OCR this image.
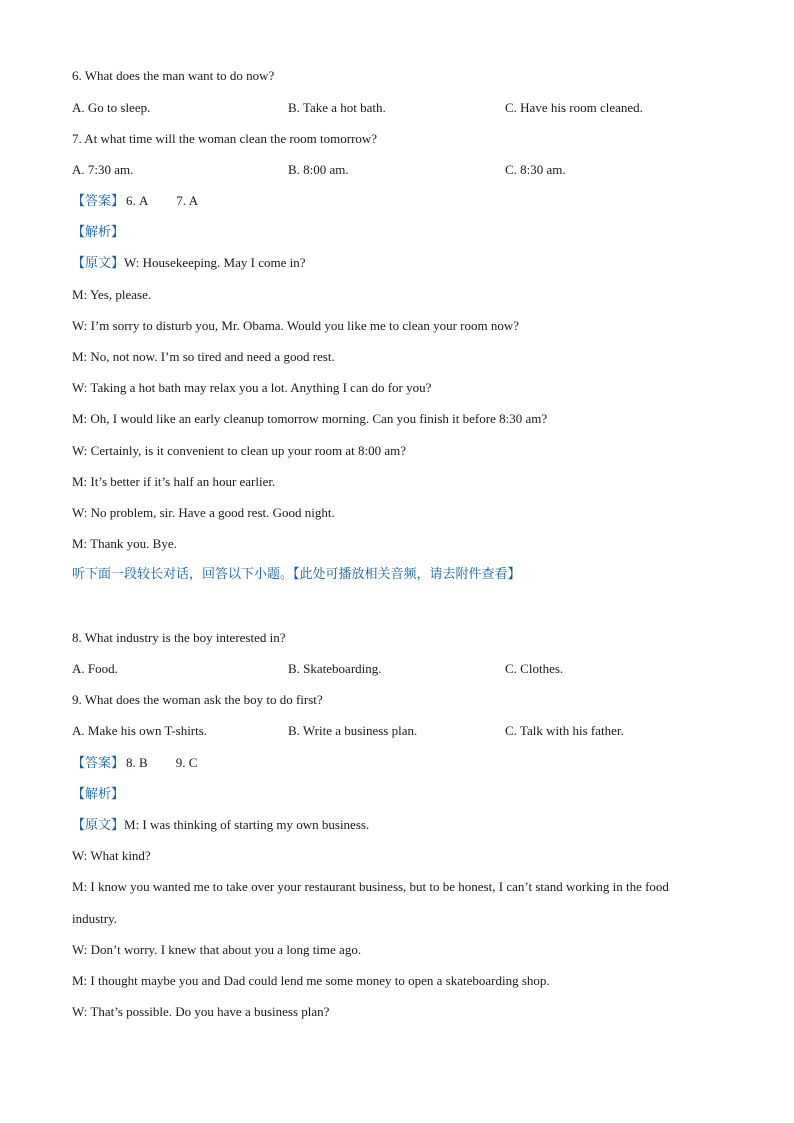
6. What does the man want to do now?
A. Go to sleep.	B. Take a hot bath.	C. Have his room cleaned.
7. At what time will the woman clean the room tomorrow?
A. 7:30 am.	B. 8:00 am.	C. 8:30 am.
【答案】 6. A 7. A
【解析】
【原文】W: Housekeeping. May I come in?
M: Yes, please.
W: I’m sorry to disturb you, Mr. Obama. Would you like me to clean your room now?
M: No, not now. I’m so tired and need a good rest.
W: Taking a hot bath may relax you a lot. Anything I can do for you?
M: Oh, I would like an early cleanup tomorrow morning. Can you finish it before 8:30 am?
W: Certainly, is it convenient to clean up your room at 8:00 am?
M: It’s better if it’s half an hour earlier.
W: No problem, sir. Have a good rest. Good night.
M: Thank you. Bye.
听下面一段较长对话，回答以下小题。【此处可播放相关音频，请去附件查看】
8. What industry is the boy interested in?
A. Food.	B. Skateboarding.	C. Clothes.
9. What does the woman ask the boy to do first?
A. Make his own T-shirts.	B. Write a business plan.	C. Talk with his father.
【答案】 8. B 9. C
【解析】
【原文】M: I was thinking of starting my own business.
W: What kind?
M: I know you wanted me to take over your restaurant business, but to be honest, I can’t stand working in the food
industry.
W: Don’t worry. I knew that about you a long time ago.
M: I thought maybe you and Dad could lend me some money to open a skateboarding shop.
W: That’s possible. Do you have a business plan?
